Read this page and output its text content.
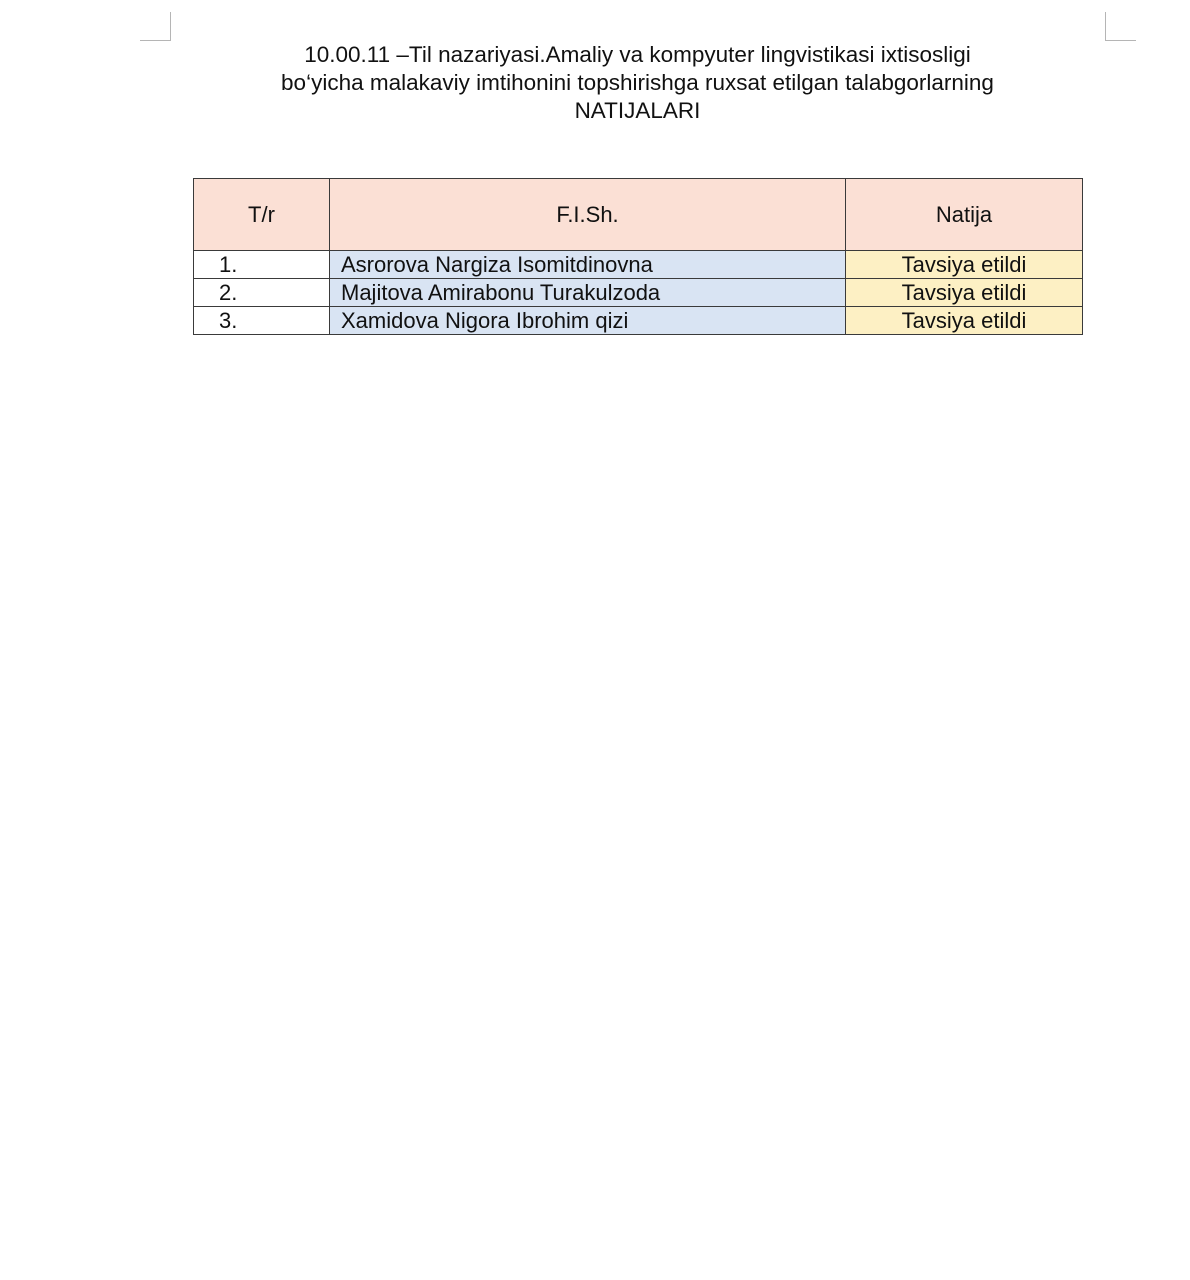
10.00.11 –Til nazariyasi.Amaliy va kompyuter lingvistikasi ixtisosligi
bo‘yicha malakaviy imtihonini topshirishga ruxsat etilgan talabgorlarning
NATIJALARI
T/r	F.I.Sh.	Natija
1.	Asrorova Nargiza Isomitdinovna	Tavsiya etildi
2.	Majitova Amirabonu Turakulzoda	Tavsiya etildi
3.	Xamidova Nigora Ibrohim qizi	Tavsiya etildi
